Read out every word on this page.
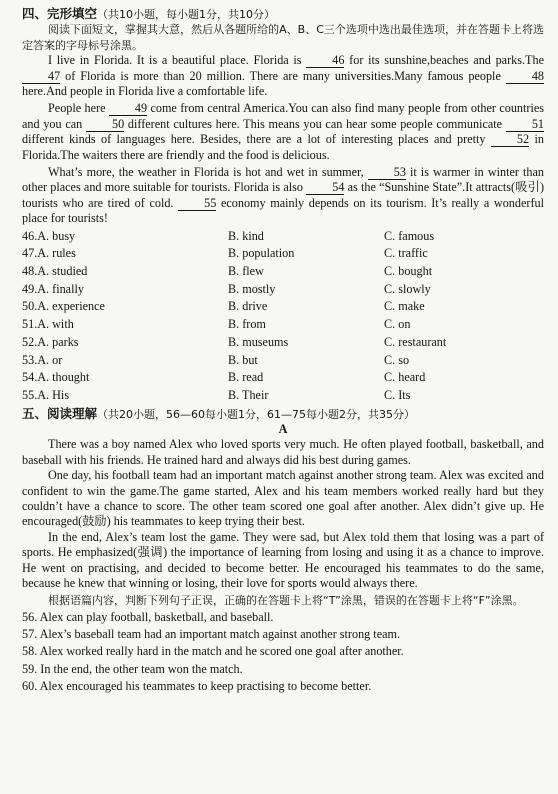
四、完形填空（共10小题，每小题1分，共10分）

阅读下面短文，掌握其大意，然后从各题所给的A、B、C三个选项中选出最佳选项，并在答题卡上将选定答案的字母标号涂黑。

I live in Florida. It is a beautiful place. Florida is 46 for its sunshine,beaches and parks.The 47 of Florida is more than 20 million. There are many universities.Many famous people 48 here.And people in Florida live a comfortable life.

People here 49 come from central America.You can also find many people from other countries and you can 50 different cultures here. This means you can hear some people communicate 51 different kinds of languages here. Besides, there are a lot of interesting places and pretty 52 in Florida.The waiters there are friendly and the food is delicious.

What’s more, the weather in Florida is hot and wet in summer, 53 it is warmer in winter than other places and more suitable for tourists. Florida is also 54 as the “Sunshine State”.It attracts(吸引) tourists who are tired of cold. 55 economy mainly depends on its tourism. It’s really a wonderful place for tourists!

46.A. busy	B. kind	C. famous
47.A. rules	B. population	C. traffic
48.A. studied	B. flew	C. bought
49.A. finally	B. mostly	C. slowly
50.A. experience	B. drive	C. make
51.A. with	B. from	C. on
52.A. parks	B. museums	C. restaurant
53.A. or	B. but	C. so
54.A. thought	B. read	C. heard
55.A. His	B. Their	C. Its

五、阅读理解（共20小题，56—60每小题1分，61—75每小题2分，共35分）

A

There was a boy named Alex who loved sports very much. He often played football, basketball, and baseball with his friends. He trained hard and always did his best during games.

One day, his football team had an important match against another strong team. Alex was excited and confident to win the game.The game started, Alex and his team members worked really hard but they couldn’t have a chance to score. The other team scored one goal after another. Alex didn’t give up. He encouraged(鼓励) his teammates to keep trying their best.

In the end, Alex’s team lost the game. They were sad, but Alex told them that losing was a part of sports. He emphasized(强调) the importance of learning from losing and using it as a chance to improve. He went on practising, and decided to become better. He encouraged his teammates to do the same, because he knew that winning or losing, their love for sports would always there.

根据语篇内容，判断下列句子正误，正确的在答题卡上将“T”涂黑，错误的在答题卡上将“F”涂黑。

56. Alex can play football, basketball, and baseball.

57. Alex’s baseball team had an important match against another strong team.

58. Alex worked really hard in the match and he scored one goal after another.

59. In the end, the other team won the match.

60. Alex encouraged his teammates to keep practising to become better.
